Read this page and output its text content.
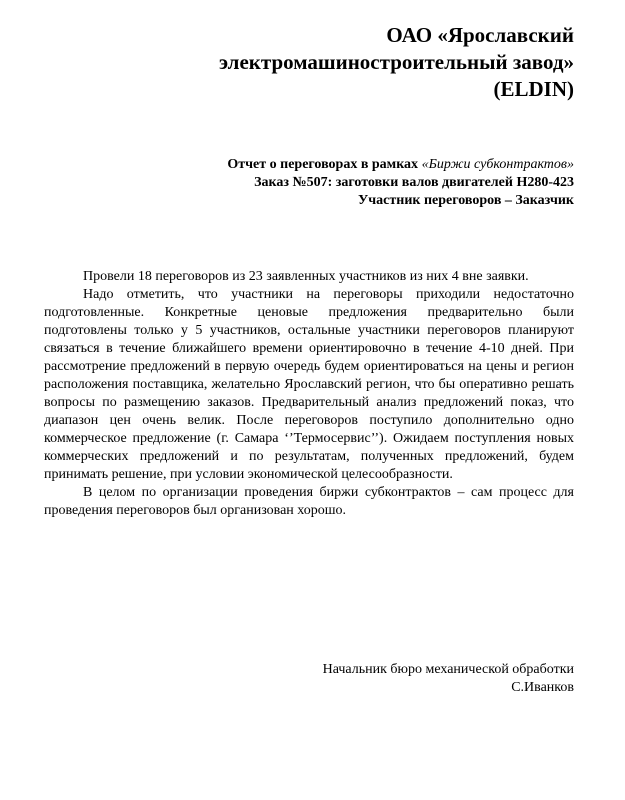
ОАО «Ярославский
электромашиностроительный завод»
(ELDIN)
Отчет о переговорах в рамках «Биржи субконтрактов»
Заказ №507: заготовки валов двигателей Н280-423
Участник переговоров – Заказчик

Провели 18 переговоров из 23 заявленных участников из них 4 вне заявки.

Надо отметить, что участники на переговоры приходили недостаточно подготовленные. Конкретные ценовые предложения предварительно были подготовлены только у 5 участников, остальные участники переговоров планируют связаться в течение ближайшего времени ориентировочно в течение 4-10 дней. При рассмотрение предложений в первую очередь будем ориентироваться на цены и регион расположения поставщика, желательно Ярославский регион, что бы оперативно решать вопросы по размещению заказов. Предварительный анализ предложений показ, что диапазон цен очень велик. После переговоров поступило дополнительно одно коммерческое предложение (г. Самара ‘’Термосервис’’). Ожидаем поступления новых коммерческих предложений и по результатам, полученных предложений, будем принимать решение, при условии экономической целесообразности.

В целом по организации проведения биржи субконтрактов – сам процесс для проведения переговоров был организован хорошо.

Начальник бюро механической обработки
С.Иванков
